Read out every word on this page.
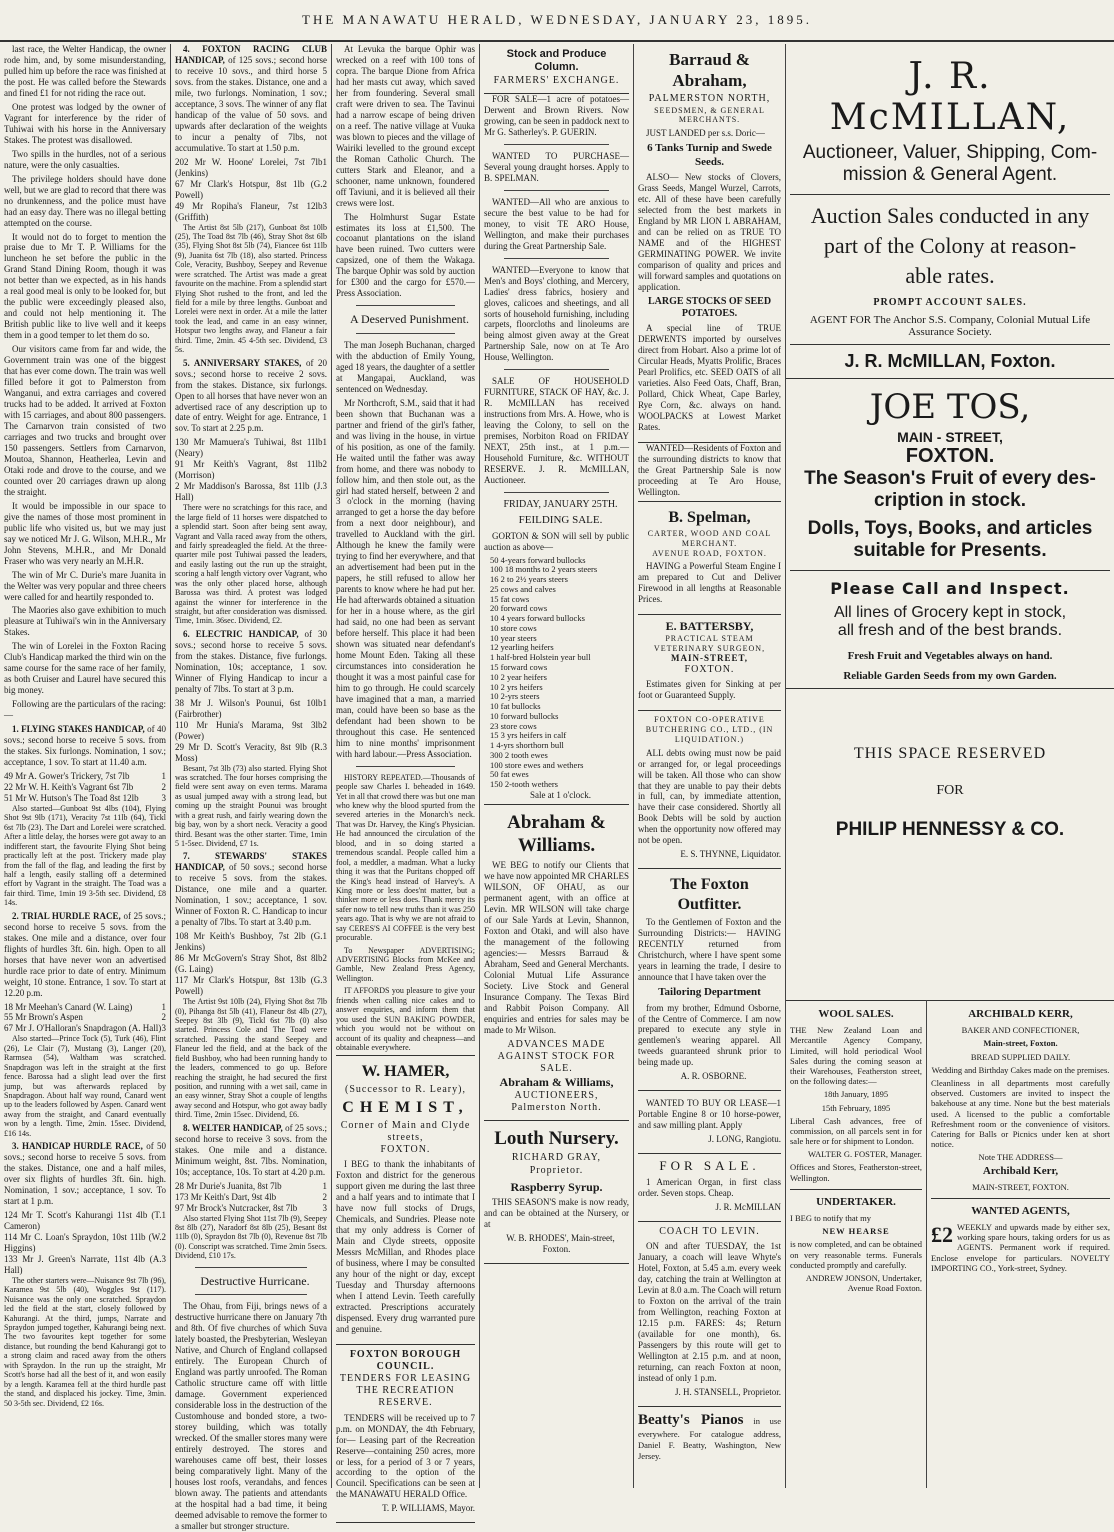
THE MANAWATU HERALD, WEDNESDAY, JANUARY 23, 1895.

last race, the Welter Handicap, the owner rode him, and, by some misunderstanding, pulled him up before the race was finished at the post. He was called before the Stewards and fined £1 for not riding the race out.

One protest was lodged by the owner of Vagrant for interference by the rider of Tuhiwai with his horse in the Anniversary Stakes. The protest was disallowed.

Two spills in the hurdles, not of a serious nature, were the only casualties.

The privilege holders should have done well, but we are glad to record that there was no drunkenness, and the police must have had an easy day. There was no illegal betting attempted on the course.

It would not do to forget to mention the praise due to Mr T. P. Williams for the luncheon he set before the public in the Grand Stand Dining Room, though it was not better than we expected, as in his hands a real good meal is only to be looked for, but the public were exceedingly pleased also, and could not help mentioning it. The British public like to live well and it keeps them in a good temper to let them do so.

Our visitors came from far and wide, the Government train was one of the biggest that has ever come down. The train was well filled before it got to Palmerston from Wanganui, and extra carriages and covered trucks had to be added. It arrived at Foxton with 15 carriages, and about 800 passengers. The Carnarvon train consisted of two carriages and two trucks and brought over 150 passengers. Settlers from Carnarvon, Moutoa, Shannon, Heatherlea, Levin and Otaki rode and drove to the course, and we counted over 20 carriages drawn up along the straight.

It would be impossible in our space to give the names of those most prominent in public life who visited us, but we may just say we noticed Mr J. G. Wilson, M.H.R., Mr John Stevens, M.H.R., and Mr Donald Fraser who was very nearly an M.H.R.

The win of Mr C. Durie's mare Juanita in the Welter was very popular and three cheers were called for and heartily responded to.

The Maories also gave exhibition to much pleasure at Tuhiwai's win in the Anniversary Stakes.

The win of Lorelei in the Foxton Racing Club's Handicap marked the third win on the same course for the same race of her family, as both Cruiser and Laurel have secured this big money.

Following are the particulars of the racing:—

1. FLYING STAKES HANDICAP, of 40 sovs.; second horse to receive 5 sovs. from the stakes. Six furlongs. Nomination, 1 sov.; acceptance, 1 sov. To start at 11.40 a.m.

49 Mr A. Gower's Trickery, 7st 7lb	1
22 Mr W. H. Keith's Vagrant 6st 7lb	2
51 Mr W. Hutson's The Toad 8st 12lb	3

Also started—Gunboat 9st 4lbs (104), Flying Shot 9st 9lb (171), Veracity 7st 11lb (64), Tickl 6st 7lb (23). The Dart and Lorelei were scratched. After a little delay, the horses were got away to an indifferent start, the favourite Flying Shot being practically left at the post. Trickery made play from the fall of the flag, and leading the first by half a length, easily stalling off a determined effort by Vagrant in the straight. The Toad was a fair third. Time, 1min 19 3-5th sec. Dividend, £8 14s.

2. TRIAL HURDLE RACE, of 25 sovs.; second horse to receive 5 sovs. from the stakes. One mile and a distance, over four flights of hurdles 3ft. 6in. high. Open to all horses that have never won an advertised hurdle race prior to date of entry. Minimum weight, 10 stone. Entrance, 1 sov. To start at 12.20 p.m.

18 Mr Meehan's Canard (W. Laing)	1
55 Mr Brown's Aspen	2
67 Mr J. O'Halloran's Snapdragon (A. Hall) 3

Also started—Prince Tock (5), Turk (46), Flint (26), Le Clair (7), Mustang (3), Langer (20), Rarmsea (54), Waltham was scratched. Snapdragon was left in the straight at the first fence. Barossa had a slight lead over the first jump, but was afterwards replaced by Snapdragon. About half way round, Canard went up to the leaders followed by Aspen. Canard went away from the straight, and Canard eventually won by a length. Time, 2min. 15sec. Dividend, £16 14s.

3. HANDICAP HURDLE RACE, of 50 sovs.; second horse to receive 5 sovs. from the stakes. Distance, one and a half miles, over six flights of hurdles 3ft. 6in. high. Nomination, 1 sov.; acceptance, 1 sov. To start at 1 p.m.

124 Mr T. Scott's Kahurangi 11st 4lb (T. Cameron)
1
114 Mr C. Loan's Spraydon, 10st 11lb (W. Higgins)
2
133 Mr J. Green's Narrate, 11st 4lb (A. Hall)
3

The other starters were—Nuisance 9st 7lb (96), Karamea 9st 5lb (40), Woggles 9st (117). Nuisance was the only one scratched. Spraydon led the field at the start, closely followed by Kahurangi. At the third, jumps, Narrate and Spraydon jumped together, Kahurangi being next. The two favourites kept together for some distance, but rounding the bend Kahurangi got to a strong claim and raced away from the others with Spraydon. In the run up the straight, Mr Scott's horse had all the best of it, and won easily by a length. Karamea fell at the third hurdle past the stand, and displaced his jockey. Time, 3min. 50 3-5th sec. Dividend, £2 16s.

4. FOXTON RACING CLUB HANDICAP, of 125 sovs.; second horse to receive 10 sovs., and third horse 5 sovs. from the stakes. Distance, one and a mile, two furlongs. Nomination, 1 sov.; acceptance, 3 sovs. The winner of any flat handicap of the value of 50 sovs. and upwards after declaration of the weights to incur a penalty of 7lbs, not accumulative. To start at 1.50 p.m.

202 Mr W. Hoone' Lorelei, 7st 7lb (Jenkins)
1
67 Mr Clark's Hotspur, 8st 1lb (G. Powell)
2
49 Mr Ropiha's Flaneur, 7st 12lb (Griffith)
3

The Artist 8st 5lb (217), Gunboat 8st 10lb (25), The Toad 8st 7lb (46), Stray Shot 8st 6lb (35), Flying Shot 8st 5lb (74), Fiancee 6st 11lb (9), Juanita 6st 7lb (18), also started. Princess Cole, Veracity, Bushboy, Seepey and Revenue were scratched. The Artist was made a great favourite on the machine. From a splendid start Flying Shot rushed to the front, and led the field for a mile by three lengths. Gunboat and Lorelei were next in order. At a mile the latter took the lead, and came in an easy winner, Hotspur two lengths away, and Flaneur a fair third. Time, 2min. 45 4-5th sec. Dividend, £3 5s.

5. ANNIVERSARY STAKES, of 20 sovs.; second horse to receive 2 sovs. from the stakes. Distance, six furlongs. Open to all horses that have never won an advertised race of any description up to date of entry. Weight for age. Entrance, 1 sov. To start at 2.25 p.m.

130 Mr Mamuera's Tuhiwai, 8st 11lb (Neary)
1
91 Mr Keith's Vagrant, 8st 11lb (Morrison)
2
2 Mr Maddison's Barossa, 8st 11lb (J. Hall)
3

There were no scratchings for this race, and the large field of 11 horses were dispatched to a splendid start. Soon after being sent away, Vagrant and Valla raced away from the others, and fairly spreadeagled the field. At the three-quarter mile post Tuhiwai passed the leaders, and easily lasting out the run up the straight, scoring a half length victory over Vagrant, who was the only other placed horse, although Barossa was third. A protest was lodged against the winner for interference in the straight, but after consideration was dismissed. Time, 1min. 36sec. Dividend, £2.

6. ELECTRIC HANDICAP, of 30 sovs.; second horse to receive 5 sovs. from the stakes. Distance, five furlongs. Nomination, 10s; acceptance, 1 sov. Winner of Flying Handicap to incur a penalty of 7lbs. To start at 3 p.m.

38 Mr J. Wilson's Pounui, 6st 10lb (Fairbrother)
1
110 Mr Hunia's Marama, 9st 3lb (Power)
2
29 Mr D. Scott's Veracity, 8st 9lb (R. Moss)
3

Besant, 7st 3lb (73) also started. Flying Shot was scratched. The four horses comprising the field were sent away on even terms. Marama as usual jumped away with a strong lead, but coming up the straight Pounui was brought with a great rush, and fairly wearing down the big bay, won by a short neck. Veracity a good third. Besant was the other starter. Time, 1min 5 1-5sec. Dividend, £7 1s.

7. STEWARDS' STAKES HANDICAP, of 50 sovs.; second horse to receive 5 sovs. from the stakes. Distance, one mile and a quarter. Nomination, 1 sov.; acceptance, 1 sov. Winner of Foxton R. C. Handicap to incur a penalty of 7lbs. To start at 3.40 p.m.

108 Mr Keith's Bushboy, 7st 2lb (G. Jenkins)
1
86 Mr McGovern's Stray Shot, 8st 8lb (G. Laing)
2
117 Mr Clark's Hotspur, 8st 13lb (G. Powell)
3

The Artist 9st 10lb (24), Flying Shot 8st 7lb (0), Pihanga 8st 5lb (41), Flaneur 8st 4lb (27), Seepey 8st 3lb (9), Tickl 6st 7lb (0) also started. Princess Cole and The Toad were scratched. Passing the stand Seepey and Flaneur led the field, and at the back of the field Bushboy, who had been running handy to the leaders, commenced to go up. Before reaching the straight, he had secured the first position, and running with a wet sail, came in an easy winner, Stray Shot a couple of lengths away second and Hotspur, who got away badly third. Time, 2min 15sec. Dividend, £6.

8. WELTER HANDICAP, of 25 sovs.; second horse to receive 3 sovs. from the stakes. One mile and a distance. Minimum weight, 8st. 7lbs. Nomination, 10s; acceptance, 10s. To start at 4.20 p.m.

28 Mr Durie's Juanita, 8st 7lb	1
173 Mr Keith's Dart, 9st 4lb	2
97 Mr Brock's Nutcracker, 8st 7lb	3

Also started Flying Shot 11st 7lb (9), Seepey 8st 8lb (27), Naradorf 8st 8lb (25), Besant 8st 11lb (0), Spraydon 8st 7lb (0), Revenue 8st 7lb (0). Conscript was scratched. Time 2min 5secs. Dividend, £10 17s.

Destructive Hurricane.

The Ohau, from Fiji, brings news of a destructive hurricane there on January 7th and 8th. Of five churches of which Suva lately boasted, the Presbyterian, Wesleyan Native, and Church of England collapsed entirely. The European Church of England was partly unroofed. The Roman Catholic structure came off with little damage. Government experienced considerable loss in the destruction of the Customhouse and bonded store, a two-storey building, which was totally wrecked. Of the smaller stores many were entirely destroyed. The stores and warehouses came off best, their losses being comparatively light. Many of the houses lost roofs, verandahs, and fences blown away. The patients and attendants at the hospital had a bad time, it being deemed advisable to remove the former to a smaller but stronger structure.

At Levuka the barque Ophir was wrecked on a reef with 100 tons of copra. The barque Dione from Africa had her masts cut away, which saved her from foundering. Several small craft were driven to sea. The Tavinui had a narrow escape of being driven on a reef. The native village at Vuuka was blown to pieces and the village of Wairiki levelled to the ground except the Roman Catholic Church. The cutters Stark and Eleanor, and a schooner, name unknown, foundered off Taviuni, and it is believed all their crews were lost.

The Holmhurst Sugar Estate estimates its loss at £1,500. The cocoanut plantations on the island have been ruined. Two cutters were capsized, one of them the Wakaga. The barque Ophir was sold by auction for £300 and the cargo for £570.—Press Association.

A Deserved Punishment.

The man Joseph Buchanan, charged with the abduction of Emily Young, aged 18 years, the daughter of a settler at Mangapai, Auckland, was sentenced on Wednesday.

Mr Northcroft, S.M., said that it had been shown that Buchanan was a partner and friend of the girl's father, and was living in the house, in virtue of his position, as one of the family. He waited until the father was away from home, and there was nobody to follow him, and then stole out, as the girl had stated herself, between 2 and 3 o'clock in the morning (having arranged to get a horse the day before from a next door neighbour), and travelled to Auckland with the girl. Although he knew the family were trying to find her everywhere, and that an advertisement had been put in the papers, he still refused to allow her parents to know where he had put her. He had afterwards obtained a situation for her in a house where, as the girl had said, no one had been as servant before herself. This place it had been shown was situated near defendant's home Mount Eden. Taking all these circumstances into consideration he thought it was a most painful case for him to go through. He could scarcely have imagined that a man, a married man, could have been so base as the defendant had been shown to be throughout this case. He sentenced him to nine months' imprisonment with hard labour.—Press Association.

HISTORY REPEATED.—Thousands of people saw Charles I. beheaded in 1649. Yet in all that crowd there was but one man who knew why the blood spurted from the severed arteries in the Monarch's neck. That was Dr. Harvey, the King's Physician. He had announced the circulation of the blood, and in so doing started a tremendous scandal. People called him a fool, a meddler, a madman. What a lucky thing it was that the Puritans chopped off the King's head instead of Harvey's. A King more or less does'nt matter, but a thinker more or less does. Thank mercy its safer now to tell new truths than it was 250 years ago. That is why we are not afraid to say CERES'S AI COFFEE is the very best procurable.

To Newspaper ADVERTISING; ADVERTISING Blocks from McKee and Gamble, New Zealand Press Agency, Wellington.

IT AFFORDS you pleasure to give your friends when calling nice cakes and to answer enquiries, and inform them that you used the SUN BAKING POWDER, which you would not be without on account of its quality and cheapness—and obtainable everywhere.

W. HAMER,
(Successor to R. Leary),
CHEMIST,
Corner of Main and Clyde streets,
FOXTON.

I BEG to thank the inhabitants of Foxton and district for the generous support given me during the last three and a half years and to intimate that I have now full stocks of Drugs, Chemicals, and Sundries. Please note that my only address is Corner of Main and Clyde streets, opposite Messrs McMillan, and Rhodes place of business, where I may be consulted any hour of the night or day, except Tuesday and Thursday afternoons when I attend Levin. Teeth carefully extracted. Prescriptions accurately dispensed. Every drug warranted pure and genuine.

FOXTON BOROUGH COUNCIL.
TENDERS FOR LEASING THE RECREATION RESERVE.

TENDERS will be received up to 7 p.m. on MONDAY, the 4th February, for— Leasing part of the Recreation Reserve—containing 250 acres, more or less, for a period of 3 or 7 years, according to the option of the Council. Specifications can be seen at the MANAWATU HERALD Office.

T. P. WILLIAMS, Mayor.

Stock and Produce Column.
FARMERS' EXCHANGE.

FOR SALE—1 acre of potatoes—Derwent and Brown Rivers. Now growing, can be seen in paddock next to Mr G. Satherley's. P. GUERIN.

WANTED TO PURCHASE—Several young draught horses. Apply to B. SPELMAN.

WANTED—All who are anxious to secure the best value to be had for money, to visit TE ARO House, Wellington, and make their purchases during the Great Partnership Sale.

WANTED—Everyone to know that Men's and Boys' clothing, and Mercery, Ladies' dress fabrics, hosiery and gloves, calicoes and sheetings, and all sorts of household furnishing, including carpets, floorcloths and linoleums are being almost given away at the Great Partnership Sale, now on at Te Aro House, Wellington.

SALE OF HOUSEHOLD FURNITURE, STACK OF HAY, &c. J. R. McMILLAN has received instructions from Mrs. A. Howe, who is leaving the Colony, to sell on the premises, Norbiton Road on FRIDAY NEXT, 25th inst., at 1 p.m.— Household Furniture, &c. WITHOUT RESERVE. J. R. McMILLAN, Auctioneer.

FRIDAY, JANUARY 25TH.

FEILDING SALE.

GORTON & SON will sell by public auction as above—

50 4-years forward bullocks
100 18 months to 2 years steers
16 2 to 2½ years steers
25 cows and calves
15 fat cows
20 forward cows
10 4 years forward bullocks
10 store cows
10 year steers
12 yearling heifers
1 half-bred Holstein year bull
15 forward cows
10 2 year heifers
10 2 yrs heifers
10 2-yrs steers
10 fat bullocks
10 forward bullocks
23 store cows
15 3 yrs heifers in calf
1 4-yrs shorthorn bull
300 2 tooth ewes
100 store ewes and wethers
50 fat ewes
150 2-tooth wethers

Sale at 1 o'clock.

Abraham & Williams.

WE BEG to notify our Clients that we have now appointed MR CHARLES WILSON, OF OHAU, as our permanent agent, with an office at Levin. MR WILSON will take charge of our Sale Yards at Levin, Shannon, Foxton and Otaki, and will also have the management of the following agencies:— Messrs Barraud & Abraham, Seed and General Merchants. Colonial Mutual Life Assurance Society. Live Stock and General Insurance Company. The Texas Bird and Rabbit Poison Company. All enquiries and entries for sales may be made to Mr Wilson.

ADVANCES MADE AGAINST STOCK FOR SALE.
Abraham & Williams,
AUCTIONEERS,
Palmerston North.
Louth Nursery.
RICHARD GRAY, Proprietor.
Raspberry Syrup.

THIS SEASON'S make is now ready, and can be obtained at the Nursery, or at

W. B. RHODES', Main-street, Foxton.

Barraud & Abraham,
PALMERSTON NORTH,
SEEDSMEN, & GENERAL MERCHANTS.

JUST LANDED per s.s. Doric—

6 Tanks Turnip and Swede Seeds.

ALSO— New stocks of Clovers, Grass Seeds, Mangel Wurzel, Carrots, etc. All of these have been carefully selected from the best markets in England by MR LION L ABRAHAM, and can be relied on as TRUE TO NAME and of the HIGHEST GERMINATING POWER. We invite comparison of quality and prices and will forward samples and quotations on application.

LARGE STOCKS OF SEED POTATOES.

A special line of TRUE DERWENTS imported by ourselves direct from Hobart. Also a prime lot of Circular Heads, Myatts Prolific, Braces Pearl Prolifics, etc. SEED OATS of all varieties. Also Feed Oats, Chaff, Bran, Pollard, Chick Wheat, Cape Barley, Rye Corn, &c. always on hand. WOOLPACKS at Lowest Market Rates.

WANTED—Residents of Foxton and the surrounding districts to know that the Great Partnership Sale is now proceeding at Te Aro House, Wellington.

B. Spelman,
CARTER, WOOD AND COAL MERCHANT.
AVENUE ROAD, FOXTON.

HAVING a Powerful Steam Engine I am prepared to Cut and Deliver Firewood in all lengths at Reasonable Prices.

E. BATTERSBY,
PRACTICAL STEAM VETERINARY SURGEON,
MAIN-STREET,
FOXTON.

Estimates given for Sinking at per foot or Guaranteed Supply.

FOXTON CO-OPERATIVE BUTCHERING CO., LTD., (IN LIQUIDATION.)

ALL debts owing must now be paid or arranged for, or legal proceedings will be taken. All those who can show that they are unable to pay their debts in full, can, by immediate attention, have their case considered. Shortly all Book Debts will be sold by auction when the opportunity now offered may not be open.

E. S. THYNNE, Liquidator.

The Foxton Outfitter.

To the Gentlemen of Foxton and the Surrounding Districts:— HAVING RECENTLY returned from Christchurch, where I have spent some years in learning the trade, I desire to announce that I have taken over the

Tailoring Department

from my brother, Edmund Osborne, of the Centre of Commerce. I am now prepared to execute any style in gentlemen's wearing apparel. All tweeds guaranteed shrunk prior to being made up.

A. R. OSBORNE.

WANTED TO BUY OR LEASE—1 Portable Engine 8 or 10 horse-power, and saw milling plant. Apply

J. LONG, Rangiotu.

FOR SALE.

1 American Organ, in first class order. Seven stops. Cheap.

J. R. McMILLAN

COACH TO LEVIN.

ON and after TUESDAY, the 1st January, a coach will leave Whyte's Hotel, Foxton, at 5.45 a.m. every week day, catching the train at Wellington at Levin at 8.0 a.m. The Coach will return to Foxton on the arrival of the train from Wellington, reaching Foxton at 12.15 p.m. FARES: 4s; Return (available for one month), 6s. Passengers by this route will get to Wellington at 2.15 p.m. and at noon, returning, can reach Foxton at noon, instead of only 1 p.m.

J. H. STANSELL, Proprietor.

Beatty's Pianos in use everywhere. For catalogue address, Daniel F. Beatty, Washington, New Jersey.
J. R. McMILLAN,

Auctioneer, Valuer, Shipping, Com-

mission & General Agent.

Auction Sales conducted in any
part of the Colony at reason-
able rates.
PROMPT ACCOUNT SALES.
AGENT FOR The Anchor S.S. Company, Colonial Mutual Life Assurance Society.
J. R. McMILLAN, Foxton.
JOE TOS,
MAIN - STREET,
FOXTON.
The Season's Fruit of every des-
cription in stock.
Dolls, Toys, Books, and articles
suitable for Presents.
Please Call and Inspect.
All lines of Grocery kept in stock,
all fresh and of the best brands.
Fresh Fruit and Vegetables always on hand.
Reliable Garden Seeds from my own Garden.
THIS SPACE RESERVED
FOR
PHILIP HENNESSY & CO.
WOOL SALES.

THE New Zealand Loan and Mercantile Agency Company, Limited, will hold periodical Wool Sales during the coming season at their Warehouses, Featherston street, on the following dates:—

18th January, 1895

15th February, 1895

Liberal Cash advances, free of commission, on all parcels sent in for sale here or for shipment to London.

WALTER G. FOSTER, Manager.

Offices and Stores, Featherston-street, Wellington.

UNDERTAKER.

I BEG to notify that my

NEW HEARSE

is now completed, and can be obtained on very reasonable terms. Funerals conducted promptly and carefully.

ANDREW JONSON, Undertaker, Avenue Road Foxton.

ARCHIBALD KERR,

BAKER AND CONFECTIONER,

Main-street, Foxton.

BREAD SUPPLIED DAILY.

Wedding and Birthday Cakes made on the premises.

Cleanliness in all departments most carefully observed. Customers are invited to inspect the bakehouse at any time. None but the best materials used. A licensed to the public a comfortable Refreshment room or the convenience of visitors. Catering for Balls or Picnics under ken at short notice.

Note THE ADDRESS—

Archibald Kerr,

MAIN-STREET, FOXTON.

WANTED AGENTS,

£2 WEEKLY and upwards made by either sex, working spare hours, taking orders for us as AGENTS. Permanent work if required. Enclose envelope for particulars. NOVELTY IMPORTING CO., York-street, Sydney.
